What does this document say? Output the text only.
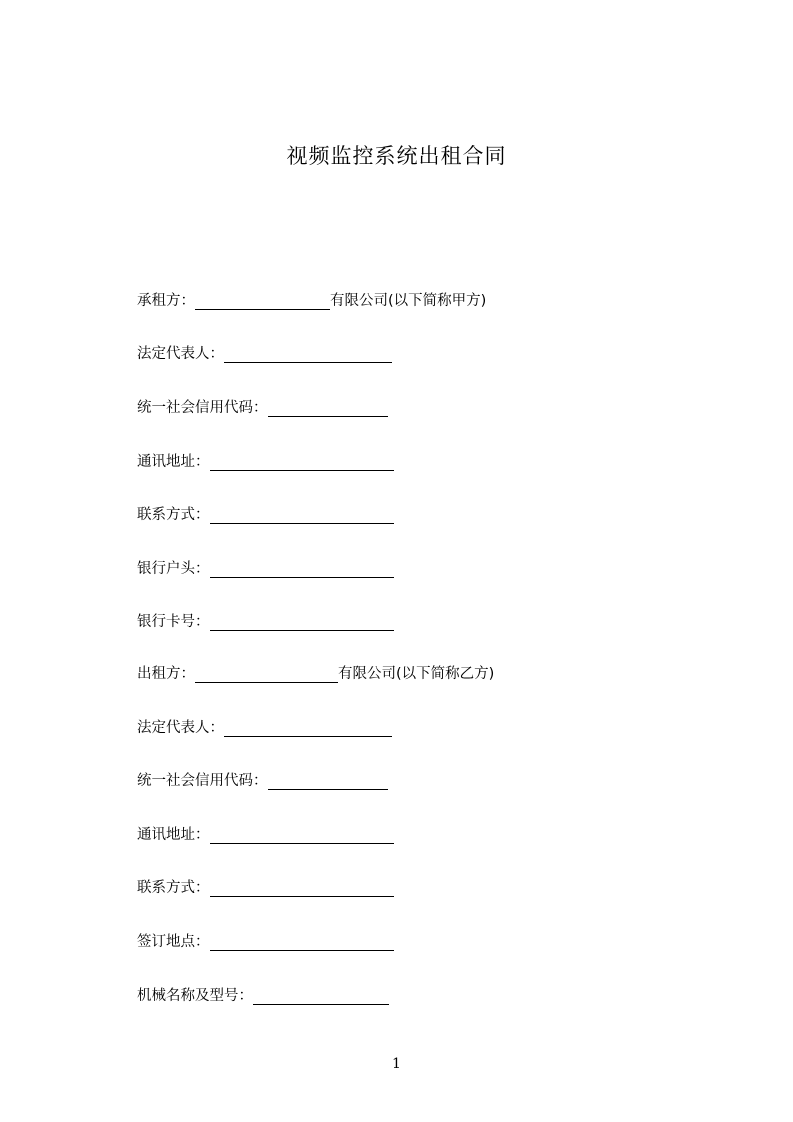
视频监控系统出租合同
承租方：	有限公司(以下简称甲方)
法定代表人：
统一社会信用代码：
通讯地址：
联系方式：
银行户头：
银行卡号：
出租方：	有限公司(以下简称乙方)
法定代表人：
统一社会信用代码：
通讯地址：
联系方式：
签订地点：
机械名称及型号：
1
